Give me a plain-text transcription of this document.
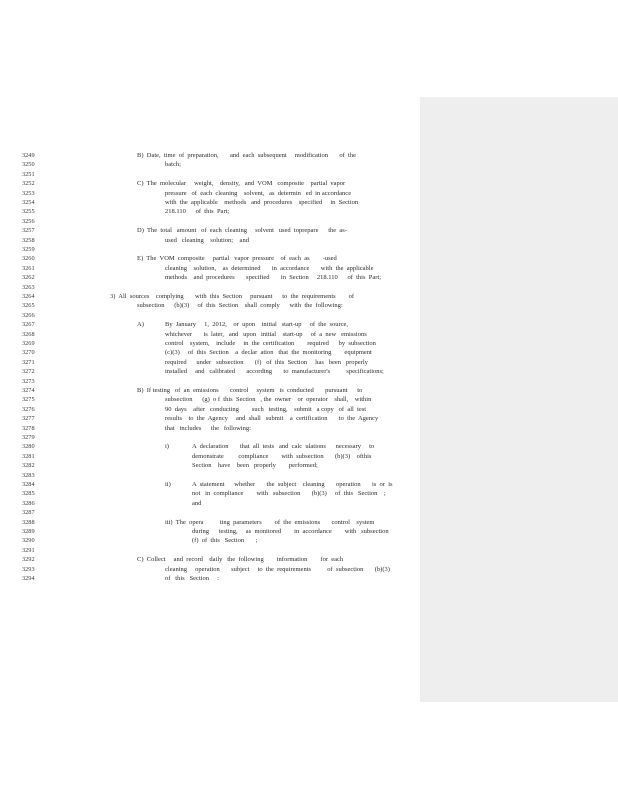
3249
3250
3251
3252
3253
3254
3255
3256
3257
3258
3259
3260
3261
3262
3263
3264
3265
3266
3267
3268
3269
3270
3271
3272
3273
3274
3275
3276
3277
3278
3279
3280
3281
3282
3283
3284
3285
3286
3287
3288
3289
3290
3291
3292
3293
3294
B)  Date,  time  of  preparation,       and  each  subsequent     modification       of  the
batch;
C)  The  molecular     weight,    density,   and  VOM   composite    partial  vapor
pressure   of  each  cleaning    solvent,   as  determin   ed  in accordance
with  the  applicable    methods   and  procedures    specified     in  Section
218.110      of  this  Part;
D)  The  total   amount   of  each  cleaning     solvent   used  toprepare      the  as-
used   cleaning    solution;    and
E)  The  VOM  composite     partial   vapor  pressure    of  each  as        -used
cleaning    solution,    as  determined       in  accordance       with  the  applicable
methods    and  procedures       specified       in  Section     218.110      of  this  Part;
3)  All  sources    complying       with  this  Section     pursuant      to  the  requirements        of
subsection      (b)(3)     of  this  Section    shall  comply      with  the  following:
A)	By  January     1,  2012,    or  upon    initial   start-up     of  the  source,
whichever       is  later,   and   upon   initial    start-up     of  a  new   emissions
control    system,    include     in  the  certification        required      by  subsection
(c)(3)     of  this  Section    a  declar  ation   that  the  monitoring        equipment
required      under   subsection       (f)   of  this  Section     has   been   properly
installed     and   calibrated       according       to  manufacturer's          specifications;
B)  If testing   of  an  emissions       control     system   is  conducted       pursuant      to
subsection      (g)  o f  this  Section   , the  owner    or  operator    shall,    within
90  days    after   conducting        such   testing,    submit   a copy   of  all  test
results    to  the  Agency     and  shall   submit    a  certification       to  the  Agency
that   includes      the   following:
i)	A  declaration       that  all  tests   and  calc  ulations      necessary     to
demonstrate         compliance        with  subsection       (b)(3)    ofthis
Section    have    been   properly        performed;
ii)	A  statement      whether       the  subject    cleaning       operation       is  or  is
not   in  compliance        with   subsection       (b)(3)     of  this   Section    ;
and
iii)  The  opera          ting  parameters        of  the  emissions       control    system
during      testing,     as  monitored        in  accordance        with   subsection
(f)  of  this   Section       ;
C)  Collect     and  record    daily   the  following        information        for  each
cleaning     operation       subject     to  the  requirements          of  subsection       (b)(3)
of   this   Section     :
